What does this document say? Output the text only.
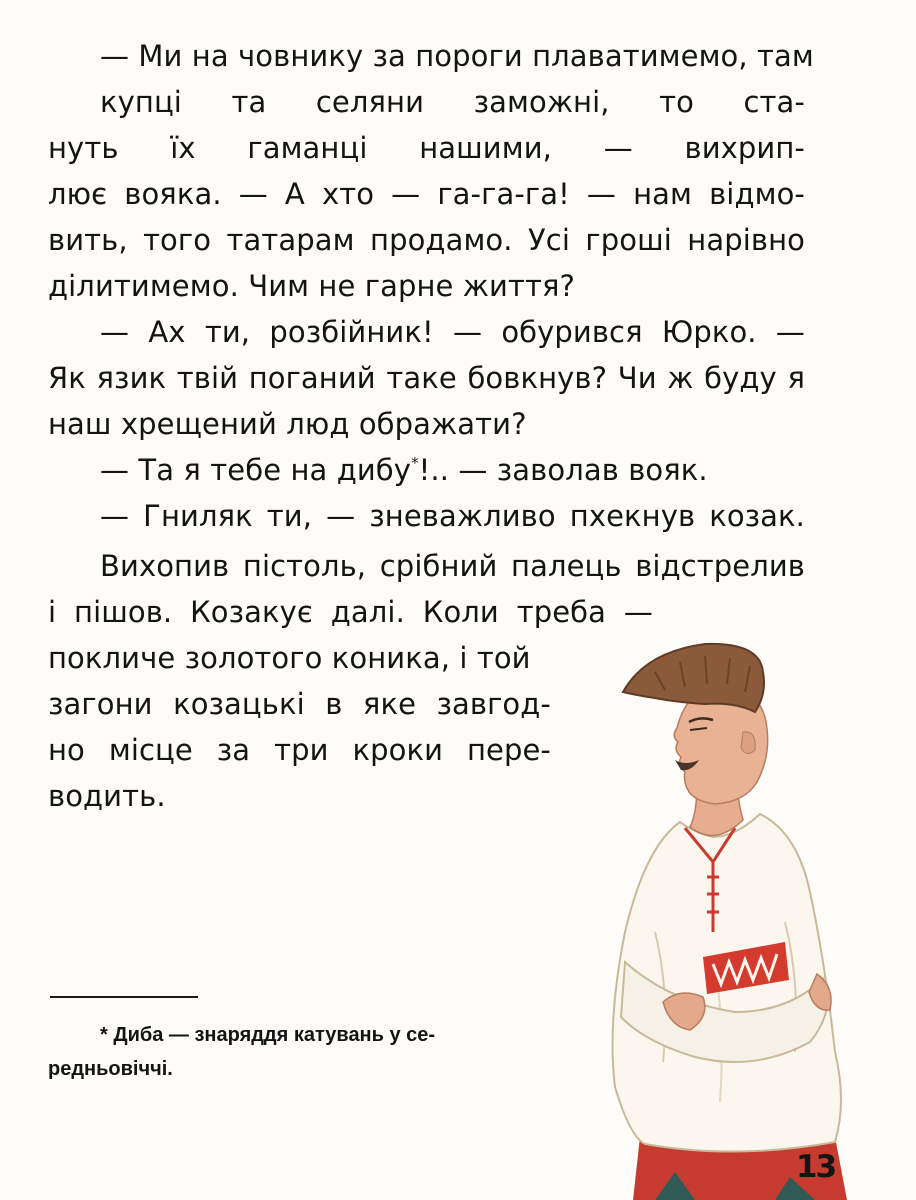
— Ми на човнику за пороги плаватимемо, там
купці та селяни заможні, то ста-
нуть їх гаманці нашими, — вихрип-
лює вояка. — А хто — га-га-га! — нам відмо-
вить, того татарам продамо. Усі гроші нарівно
ділитимемо. Чим не гарне життя?
— Ах ти, розбійник! — обурився Юрко. —
Як язик твій поганий таке бовкнув? Чи ж буду я
наш хрещений люд ображати?
— Та я тебе на дибу*!.. — заволав вояк.
— Гниляк ти, — зневажливо пхекнув козак.
Вихопив пістоль, срібний палець відстрелив
і пішов. Козакує далі. Коли треба —
покличе золотого коника, і той
загони козацькі в яке завгод-
но місце за три кроки пере-
водить.
* Диба — знаряддя катувань у се-
редньовіччі.
13
